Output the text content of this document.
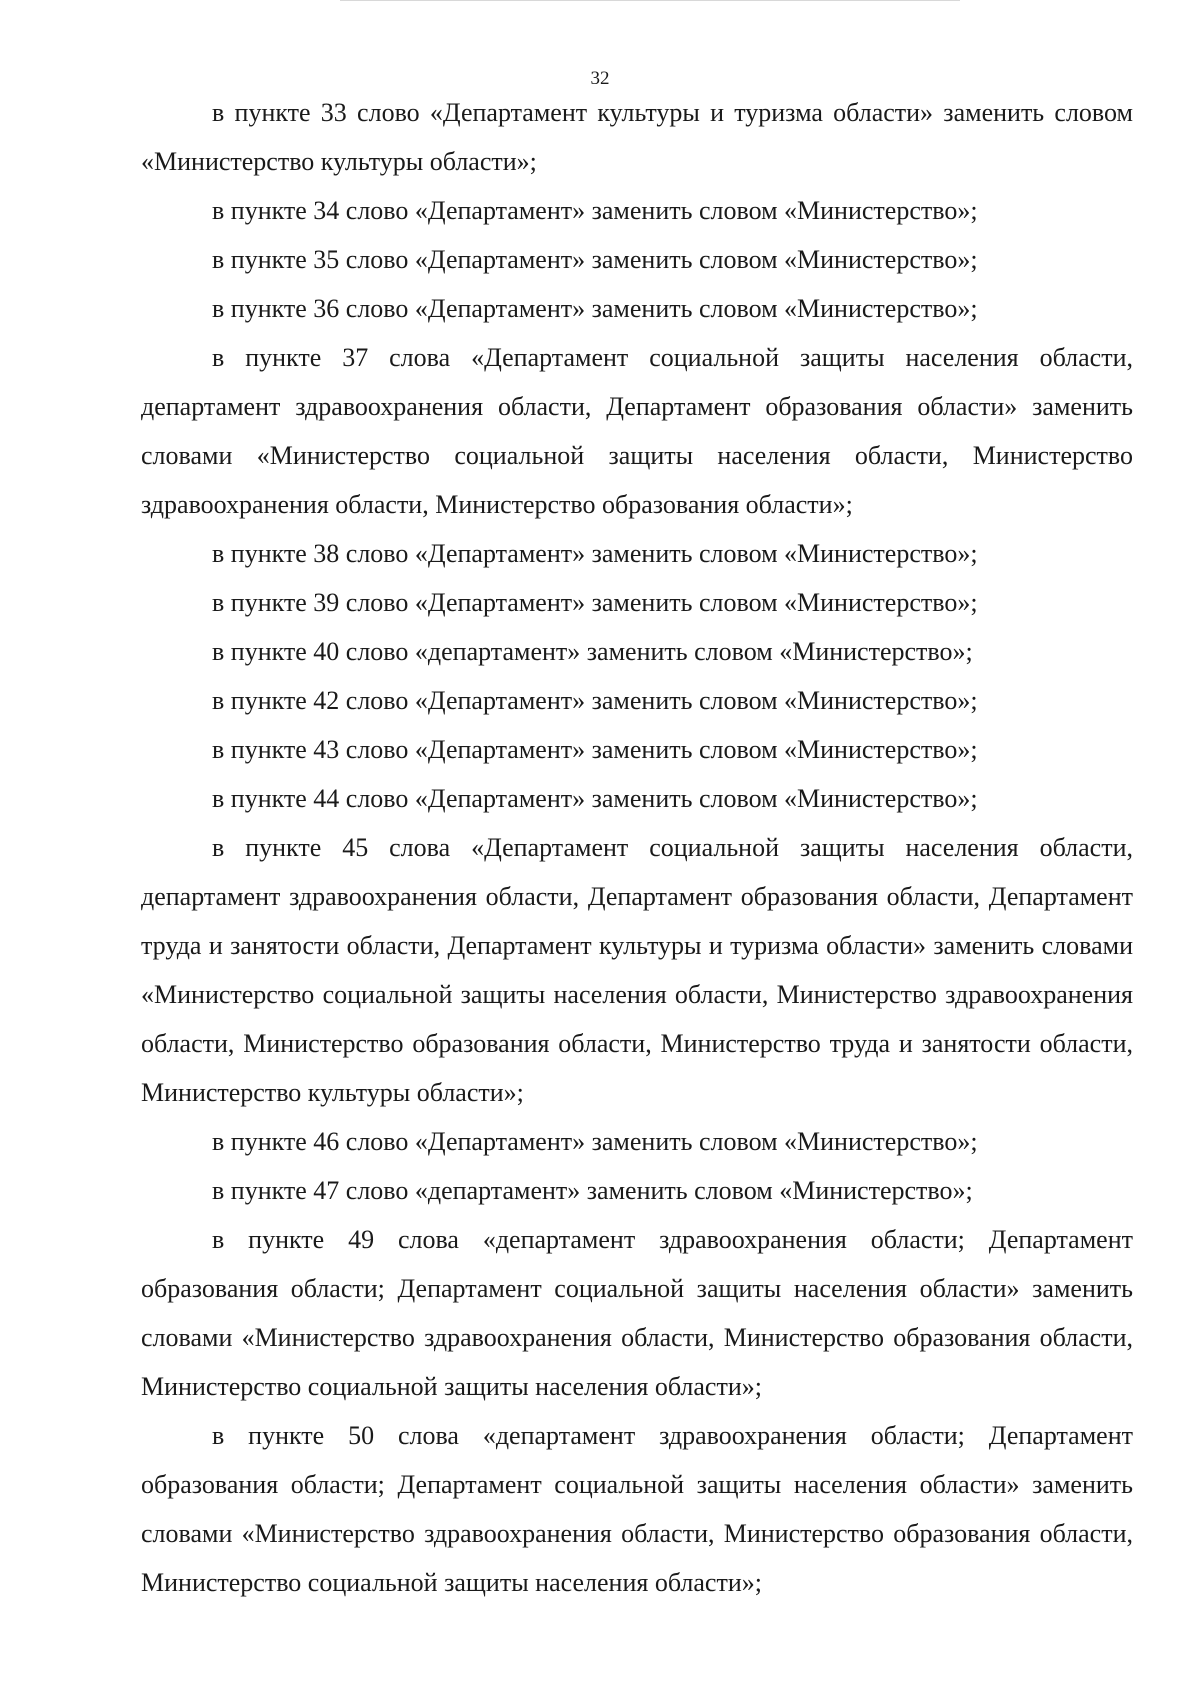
32

в пункте 33 слово «Департамент культуры и туризма области» заменить словом «Министерство культуры области»;

в пункте 34 слово «Департамент» заменить словом «Министерство»;

в пункте 35 слово «Департамент» заменить словом «Министерство»;

в пункте 36 слово «Департамент» заменить словом «Министерство»;

в пункте 37 слова «Департамент социальной защиты населения области, департамент здравоохранения области, Департамент образования области» заменить словами «Министерство социальной защиты населения области, Министерство здравоохранения области, Министерство образования области»;

в пункте 38 слово «Департамент» заменить словом «Министерство»;

в пункте 39 слово «Департамент» заменить словом «Министерство»;

в пункте 40 слово «департамент» заменить словом «Министерство»;

в пункте 42 слово «Департамент» заменить словом «Министерство»;

в пункте 43 слово «Департамент» заменить словом «Министерство»;

в пункте 44 слово «Департамент» заменить словом «Министерство»;

в пункте 45 слова «Департамент социальной защиты населения области, департамент здравоохранения области, Департамент образования области, Департамент труда и занятости области, Департамент культуры и туризма области» заменить словами «Министерство социальной защиты населения области, Министерство здравоохранения области, Министерство образования области, Министерство труда и занятости области, Министерство культуры области»;

в пункте 46 слово «Департамент» заменить словом «Министерство»;

в пункте 47 слово «департамент» заменить словом «Министерство»;

в пункте 49 слова «департамент здравоохранения области; Департамент образования области; Департамент социальной защиты населения области» заменить словами «Министерство здравоохранения области, Министерство образования области, Министерство социальной защиты населения области»;

в пункте 50 слова «департамент здравоохранения области; Департамент образования области; Департамент социальной защиты населения области» заменить словами «Министерство здравоохранения области, Министерство образования области, Министерство социальной защиты населения области»;
